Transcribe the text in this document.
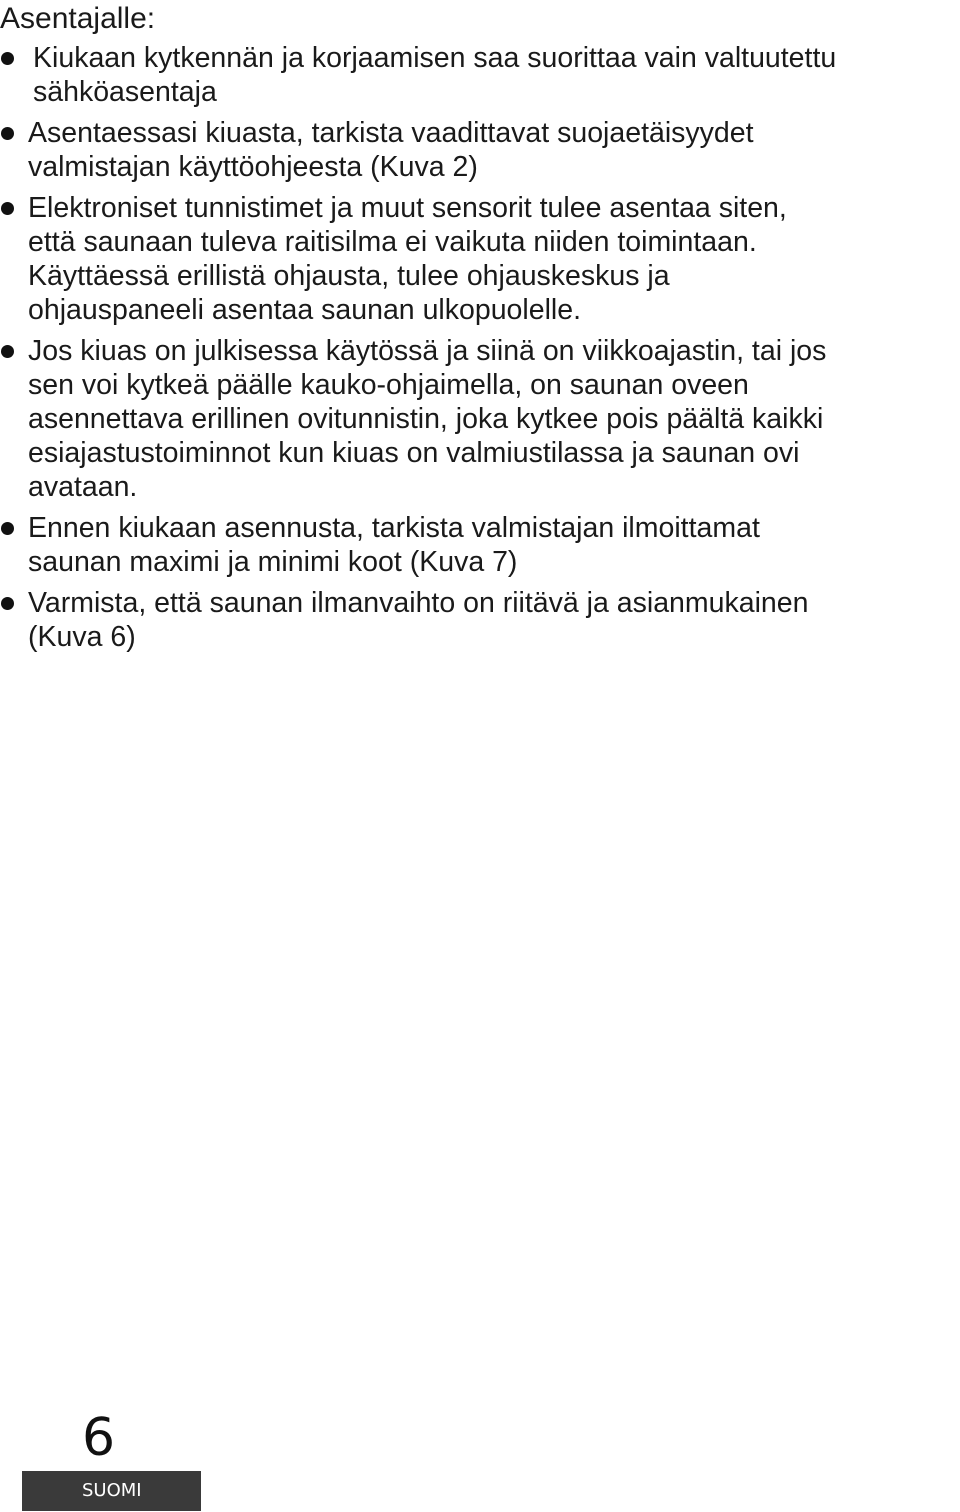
Asentajalle:
Kiukaan kytkennän ja korjaamisen saa suorittaa vain valtuutettu
sähköasentaja
Asentaessasi kiuasta, tarkista vaadittavat suojaetäisyydet
valmistajan käyttöohjeesta (Kuva 2)
Elektroniset tunnistimet ja muut sensorit tulee asentaa siten,
että saunaan tuleva raitisilma ei vaikuta niiden toimintaan.
Käyttäessä erillistä ohjausta, tulee ohjauskeskus ja
ohjauspaneeli asentaa saunan ulkopuolelle.
Jos kiuas on julkisessa käytössä ja siinä on viikkoajastin, tai jos
sen voi kytkeä päälle kauko-ohjaimella, on saunan oveen
asennettava erillinen ovitunnistin, joka kytkee pois päältä kaikki
esiajastustoiminnot kun kiuas on valmiustilassa ja saunan ovi
avataan.
Ennen kiukaan asennusta, tarkista valmistajan ilmoittamat
saunan maximi ja minimi koot (Kuva 7)
Varmista, että saunan ilmanvaihto on riitävä ja asianmukainen
(Kuva 6)
6
SUOMI
